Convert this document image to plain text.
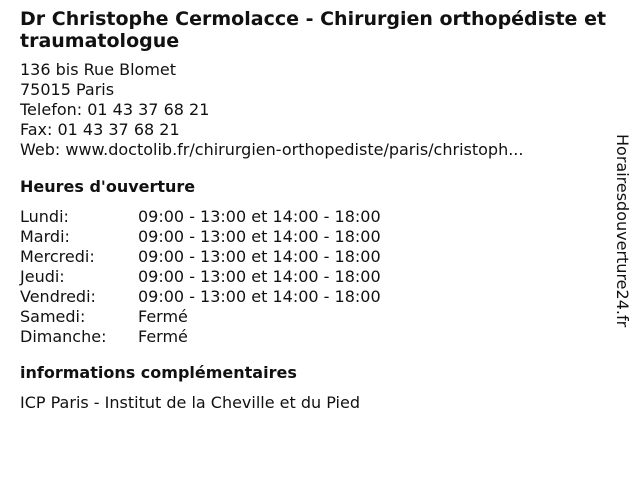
Dr Christophe Cermolacce - Chirurgien orthopédiste et traumatologue
136 bis Rue Blomet
75015 Paris
Telefon: 01 43 37 68 21
Fax: 01 43 37 68 21
Web: www.doctolib.fr/chirurgien-orthopediste/paris/christoph...
Heures d'ouverture
Lundi:	09:00 - 13:00 et 14:00 - 18:00
Mardi:	09:00 - 13:00 et 14:00 - 18:00
Mercredi:	09:00 - 13:00 et 14:00 - 18:00
Jeudi:	09:00 - 13:00 et 14:00 - 18:00
Vendredi:	09:00 - 13:00 et 14:00 - 18:00
Samedi:	Fermé
Dimanche:	Fermé
informations complémentaires
ICP Paris - Institut de la Cheville et du Pied
Horairesdouverture24.fr
